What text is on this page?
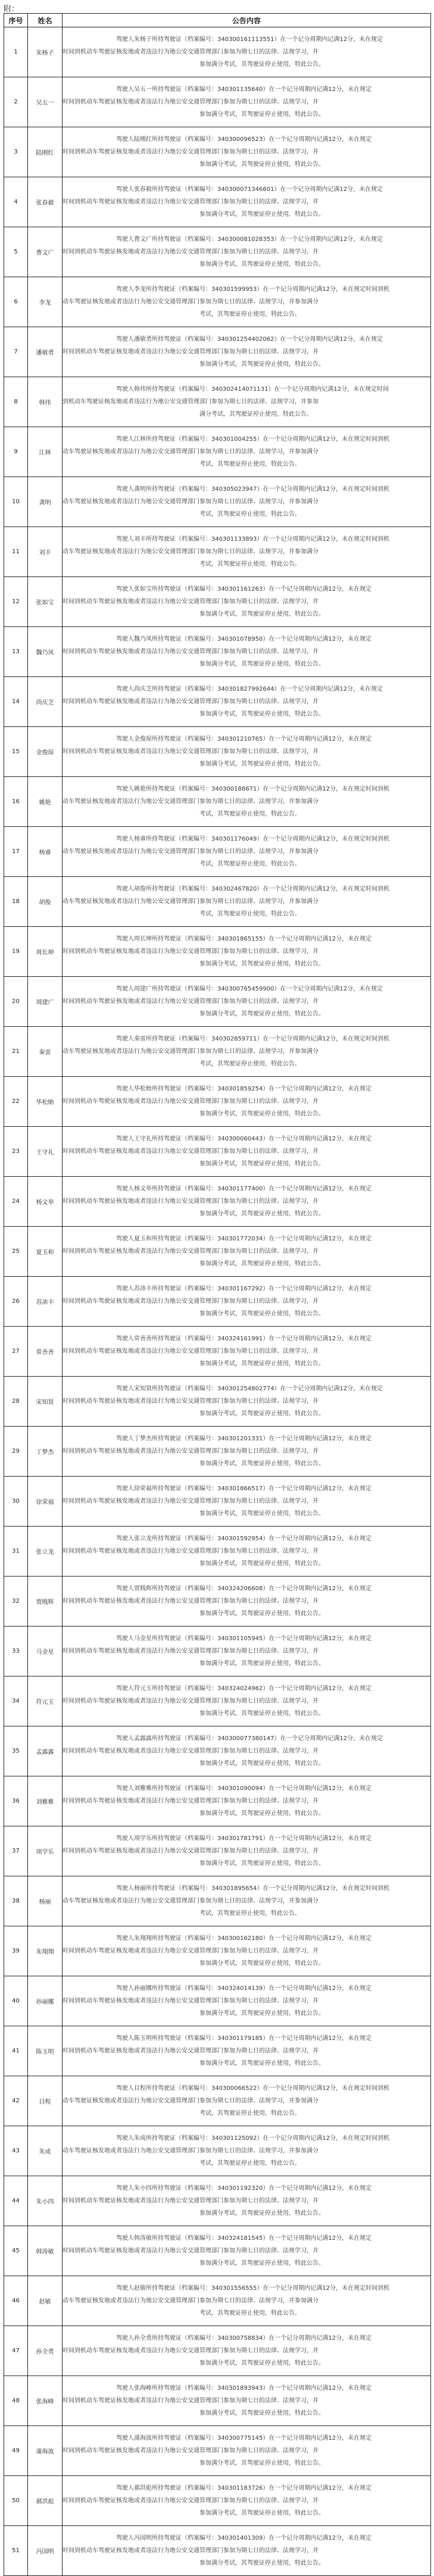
附：
序号	姓名	公告内容
1	朱杨子	驾驶人朱杨子所持驾驶证（档案编号：340300161113551）在一个记分周期内记满12分，未在规定
时间到机动车驾驶证核发地或者违法行为地公安交通管理部门参加为期七日的法律、法规学习，并
参加满分考试，其驾驶证停止使用，特此公告。

2	吴五一	驾驶人吴五一所持驾驶证（档案编号：340301135640）在一个记分周期内记满12分，未在规定
时间到机动车驾驶证核发地或者违法行为地公安交通管理部门参加为期七日的法律、法规学习，并
参加满分考试，其驾驶证停止使用，特此公告。

3	陆刚红	驾驶人陆刚红所持驾驶证（档案编号：340300096523）在一个记分周期内记满12分，未在规定
时间到机动车驾驶证核发地或者违法行为地公安交通管理部门参加为期七日的法律、法规学习，并
参加满分考试，其驾驶证停止使用，特此公告。

4	张春毅	驾驶人张春毅所持驾驶证（档案编号：340300071346601）在一个记分周期内记满12分，未在规定
时间到机动车驾驶证核发地或者违法行为地公安交通管理部门参加为期七日的法律、法规学习，并
参加满分考试，其驾驶证停止使用，特此公告。

5	曹文广	驾驶人曹文广所持驾驶证（档案编号：340300081028353）在一个记分周期内记满12分，未在规定
时间到机动车驾驶证核发地或者违法行为地公安交通管理部门参加为期七日的法律、法规学习，并
参加满分考试，其驾驶证停止使用，特此公告。

6	李龙	驾驶人李龙所持驾驶证（档案编号：340301599953）在一个记分周期内记满12分，未在规定时间到机
动车驾驶证核发地或者违法行为地公安交通管理部门参加为期七日的法律、法规学习，并参加满分
考试，其驾驶证停止使用，特此公告。

7	潘敏勇	驾驶人潘敏勇所持驾驶证（档案编号：340301254402062）在一个记分周期内记满12分，未在规定
时间到机动车驾驶证核发地或者违法行为地公安交通管理部门参加为期七日的法律、法规学习，并
参加满分考试，其驾驶证停止使用，特此公告。

8	韩伟	驾驶人韩伟所持驾驶证（档案编号：340302414071131）在一个记分周期内记满12分，未在规定时间
到机动车驾驶证核发地或者违法行为地公安交通管理部门参加为期七日的法律、法规学习，并参加
满分考试，其驾驶证停止使用，特此公告。

9	江林	驾驶人江林所持驾驶证（档案编号：340301004255）在一个记分周期内记满12分，未在规定时间到机
动车驾驶证核发地或者违法行为地公安交通管理部门参加为期七日的法律、法规学习，并参加满分
考试，其驾驶证停止使用，特此公告。

10	龚明	驾驶人龚明所持驾驶证（档案编号：340305023947）在一个记分周期内记满12分，未在规定时间到机
动车驾驶证核发地或者违法行为地公安交通管理部门参加为期七日的法律、法规学习，并参加满分
考试，其驾驶证停止使用，特此公告。

11	刘丰	驾驶人刘丰所持驾驶证（档案编号：340301133893）在一个记分周期内记满12分，未在规定时间到机
动车驾驶证核发地或者违法行为地公安交通管理部门参加为期七日的法律、法规学习，并参加满分
考试，其驾驶证停止使用，特此公告。

12	张如宝	驾驶人张如宝所持驾驶证（档案编号：340301161263）在一个记分周期内记满12分，未在规定
时间到机动车驾驶证核发地或者违法行为地公安交通管理部门参加为期七日的法律、法规学习，并
参加满分考试，其驾驶证停止使用，特此公告。

13	魏乃凤	驾驶人魏乃凤所持驾驶证（档案编号：340301078950）在一个记分周期内记满12分，未在规定
时间到机动车驾驶证核发地或者违法行为地公安交通管理部门参加为期七日的法律、法规学习，并
参加满分考试，其驾驶证停止使用，特此公告。

14	尚庆芝	驾驶人尚庆芝所持驾驶证（档案编号：340301827992644）在一个记分周期内记满12分，未在规定
时间到机动车驾驶证核发地或者违法行为地公安交通管理部门参加为期七日的法律、法规学习，并
参加满分考试，其驾驶证停止使用，特此公告。

15	金俊琼	驾驶人金俊琼所持驾驶证（档案编号：340301210765）在一个记分周期内记满12分，未在规定
时间到机动车驾驶证核发地或者违法行为地公安交通管理部门参加为期七日的法律、法规学习，并
参加满分考试，其驾驶证停止使用，特此公告。

16	姚艳	驾驶人姚艳所持驾驶证（档案编号：340300188671）在一个记分周期内记满12分，未在规定时间到机
动车驾驶证核发地或者违法行为地公安交通管理部门参加为期七日的法律、法规学习，并参加满分
考试，其驾驶证停止使用，特此公告。

17	杨睿	驾驶人杨睿所持驾驶证（档案编号：340301176049）在一个记分周期内记满12分，未在规定时间到机
动车驾驶证核发地或者违法行为地公安交通管理部门参加为期七日的法律、法规学习，并参加满分
考试，其驾驶证停止使用，特此公告。

18	胡俊	驾驶人胡俊所持驾驶证（档案编号：340302467820）在一个记分周期内记满12分，未在规定时间到机
动车驾驶证核发地或者违法行为地公安交通管理部门参加为期七日的法律、法规学习，并参加满分
考试，其驾驶证停止使用，特此公告。

19	周长坤	驾驶人周长坤所持驾驶证（档案编号：340301865155）在一个记分周期内记满12分，未在规定
时间到机动车驾驶证核发地或者违法行为地公安交通管理部门参加为期七日的法律、法规学习，并
参加满分考试，其驾驶证停止使用，特此公告。

20	周建广	驾驶人周建广所持驾驶证（档案编号：340300765459900）在一个记分周期内记满12分，未在规定
时间到机动车驾驶证核发地或者违法行为地公安交通管理部门参加为期七日的法律、法规学习，并
参加满分考试，其驾驶证停止使用，特此公告。

21	秦雷	驾驶人秦雷所持驾驶证（档案编号：340302859711）在一个记分周期内记满12分，未在规定时间到机
动车驾驶证核发地或者违法行为地公安交通管理部门参加为期七日的法律、法规学习，并参加满分
考试，其驾驶证停止使用，特此公告。

22	华松贻	驾驶人华松贻所持驾驶证（档案编号：340301859254）在一个记分周期内记满12分，未在规定
时间到机动车驾驶证核发地或者违法行为地公安交通管理部门参加为期七日的法律、法规学习，并
参加满分考试，其驾驶证停止使用，特此公告。

23	王守礼	驾驶人王守礼所持驾驶证（档案编号：340300060443）在一个记分周期内记满12分，未在规定
时间到机动车驾驶证核发地或者违法行为地公安交通管理部门参加为期七日的法律、法规学习，并
参加满分考试，其驾驶证停止使用，特此公告。

24	杨文举	驾驶人杨文举所持驾驶证（档案编号：340301177400）在一个记分周期内记满12分，未在规定
时间到机动车驾驶证核发地或者违法行为地公安交通管理部门参加为期七日的法律、法规学习，并
参加满分考试，其驾驶证停止使用，特此公告。

25	夏玉和	驾驶人夏玉和所持驾驶证（档案编号：340301772034）在一个记分周期内记满12分，未在规定
时间到机动车驾驶证核发地或者违法行为地公安交通管理部门参加为期七日的法律、法规学习，并
参加满分考试，其驾驶证停止使用，特此公告。

26	苏沛丰	驾驶人苏沛丰所持驾驶证（档案编号：340301167292）在一个记分周期内记满12分，未在规定
时间到机动车驾驶证核发地或者违法行为地公安交通管理部门参加为期七日的法律、法规学习，并
参加满分考试，其驾驶证停止使用，特此公告。

27	常善善	驾驶人常善善所持驾驶证（档案编号：340324161991）在一个记分周期内记满12分，未在规定
时间到机动车驾驶证核发地或者违法行为地公安交通管理部门参加为期七日的法律、法规学习，并
参加满分考试，其驾驶证停止使用，特此公告。

28	宋知贤	驾驶人宋知贤所持驾驶证（档案编号：340301254802774）在一个记分周期内记满12分，未在规定
时间到机动车驾驶证核发地或者违法行为地公安交通管理部门参加为期七日的法律、法规学习，并
参加满分考试，其驾驶证停止使用，特此公告。

29	丁梦杰	驾驶人丁梦杰所持驾驶证（档案编号：340301201331）在一个记分周期内记满12分，未在规定
时间到机动车驾驶证核发地或者违法行为地公安交通管理部门参加为期七日的法律、法规学习，并
参加满分考试，其驾驶证停止使用，特此公告。

30	徐荣福	驾驶人徐荣福所持驾驶证（档案编号：340301866517）在一个记分周期内记满12分，未在规定
时间到机动车驾驶证核发地或者违法行为地公安交通管理部门参加为期七日的法律、法规学习，并
参加满分考试，其驾驶证停止使用，特此公告。

31	张立龙	驾驶人张立龙所持驾驶证（档案编号：340301592954）在一个记分周期内记满12分，未在规定
时间到机动车驾驶证核发地或者违法行为地公安交通管理部门参加为期七日的法律、法规学习，并
参加满分考试，其驾驶证停止使用，特此公告。

32	贾贱辉	驾驶人贾贱辉所持驾驶证（档案编号：340324206608）在一个记分周期内记满12分，未在规定
时间到机动车驾驶证核发地或者违法行为地公安交通管理部门参加为期七日的法律、法规学习，并
参加满分考试，其驾驶证停止使用，特此公告。

33	马金星	驾驶人马金星所持驾驶证（档案编号：340301105945）在一个记分周期内记满12分，未在规定
时间到机动车驾驶证核发地或者违法行为地公安交通管理部门参加为期七日的法律、法规学习，并
参加满分考试，其驾驶证停止使用，特此公告。

34	符元玉	驾驶人符元玉所持驾驶证（档案编号：340324024962）在一个记分周期内记满12分，未在规定
时间到机动车驾驶证核发地或者违法行为地公安交通管理部门参加为期七日的法律、法规学习，并
参加满分考试，其驾驶证停止使用，特此公告。

35	孟露露	驾驶人孟露露所持驾驶证（档案编号：340300077380147）在一个记分周期内记满12分，未在规定
时间到机动车驾驶证核发地或者违法行为地公安交通管理部门参加为期七日的法律、法规学习，并
参加满分考试，其驾驶证停止使用，特此公告。

36	刘雅雅	驾驶人刘雅雅所持驾驶证（档案编号：340301090094）在一个记分周期内记满12分，未在规定
时间到机动车驾驶证核发地或者违法行为地公安交通管理部门参加为期七日的法律、法规学习，并
参加满分考试，其驾驶证停止使用，特此公告。

37	项学乐	驾驶人项学乐所持驾驶证（档案编号：340301781791）在一个记分周期内记满12分，未在规定
时间到机动车驾驶证核发地或者违法行为地公安交通管理部门参加为期七日的法律、法规学习，并
参加满分考试，其驾驶证停止使用，特此公告。

38	杨丽	驾驶人杨丽所持驾驶证（档案编号：340301895654）在一个记分周期内记满12分，未在规定时间到机
动车驾驶证核发地或者违法行为地公安交通管理部门参加为期七日的法律、法规学习，并参加满分
考试，其驾驶证停止使用，特此公告。

39	朱翔翔	驾驶人朱翔翔所持驾驶证（档案编号：340300162180）在一个记分周期内记满12分，未在规定
时间到机动车驾驶证核发地或者违法行为地公安交通管理部门参加为期七日的法律、法规学习，并
参加满分考试，其驾驶证停止使用，特此公告。

40	孙丽娜	驾驶人孙丽娜所持驾驶证（档案编号：340324014139）在一个记分周期内记满12分，未在规定
时间到机动车驾驶证核发地或者违法行为地公安交通管理部门参加为期七日的法律、法规学习，并
参加满分考试，其驾驶证停止使用，特此公告。

41	陈玉明	驾驶人陈玉明所持驾驶证（档案编号：340301179185）在一个记分周期内记满12分，未在规定
时间到机动车驾驶证核发地或者违法行为地公安交通管理部门参加为期七日的法律、法规学习，并
参加满分考试，其驾驶证停止使用，特此公告。

42	目程	驾驶人目程所持驾驶证（档案编号：340300066522）在一个记分周期内记满12分，未在规定时间到机
动车驾驶证核发地或者违法行为地公安交通管理部门参加为期七日的法律、法规学习，并参加满分
考试，其驾驶证停止使用，特此公告。

43	朱成	驾驶人朱成所持驾驶证（档案编号：340301125092）在一个记分周期内记满12分，未在规定时间到机
动车驾驶证核发地或者违法行为地公安交通管理部门参加为期七日的法律、法规学习，并参加满分
考试，其驾驶证停止使用，特此公告。

44	朱小四	驾驶人朱小四所持驾驶证（档案编号：340301192320）在一个记分周期内记满12分，未在规定
时间到机动车驾驶证核发地或者违法行为地公安交通管理部门参加为期七日的法律、法规学习，并
参加满分考试，其驾驶证停止使用，特此公告。

45	韩涛敏	驾驶人韩涛敏所持驾驶证（档案编号：340324181545）在一个记分周期内记满12分，未在规定
时间到机动车驾驶证核发地或者违法行为地公安交通管理部门参加为期七日的法律、法规学习，并
参加满分考试，其驾驶证停止使用，特此公告。

46	赵敏	驾驶人赵敏所持驾驶证（档案编号：340301556555）在一个记分周期内记满12分，未在规定时间到机
动车驾驶证核发地或者违法行为地公安交通管理部门参加为期七日的法律、法规学习，并参加满分
考试，其驾驶证停止使用，特此公告。

47	孙全勇	驾驶人孙全勇所持驾驶证（档案编号：340300758834）在一个记分周期内记满12分，未在规定
时间到机动车驾驶证核发地或者违法行为地公安交通管理部门参加为期七日的法律、法规学习，并
参加满分考试，其驾驶证停止使用，特此公告。

48	张海峰	驾驶人张海峰所持驾驶证（档案编号：340301893943）在一个记分周期内记满12分，未在规定
时间到机动车驾驶证核发地或者违法行为地公安交通管理部门参加为期七日的法律、法规学习，并
参加满分考试，其驾驶证停止使用，特此公告。

49	蒲海波	驾驶人蒲海波所持驾驶证（档案编号：340300775145）在一个记分周期内记满12分，未在规定
时间到机动车驾驶证核发地或者违法行为地公安交通管理部门参加为期七日的法律、法规学习，并
参加满分考试，其驾驶证停止使用，特此公告。

50	郝洪彪	驾驶人郝洪彪所持驾驶证（档案编号：340301183726）在一个记分周期内记满12分，未在规定
时间到机动车驾驶证核发地或者违法行为地公安交通管理部门参加为期七日的法律、法规学习，并
参加满分考试，其驾驶证停止使用，特此公告。

51	冯国明	驾驶人冯国明所持驾驶证（档案编号：340301401309）在一个记分周期内记满12分，未在规定
时间到机动车驾驶证核发地或者违法行为地公安交通管理部门参加为期七日的法律、法规学习，并
参加满分考试，其驾驶证停止使用，特此公告。
